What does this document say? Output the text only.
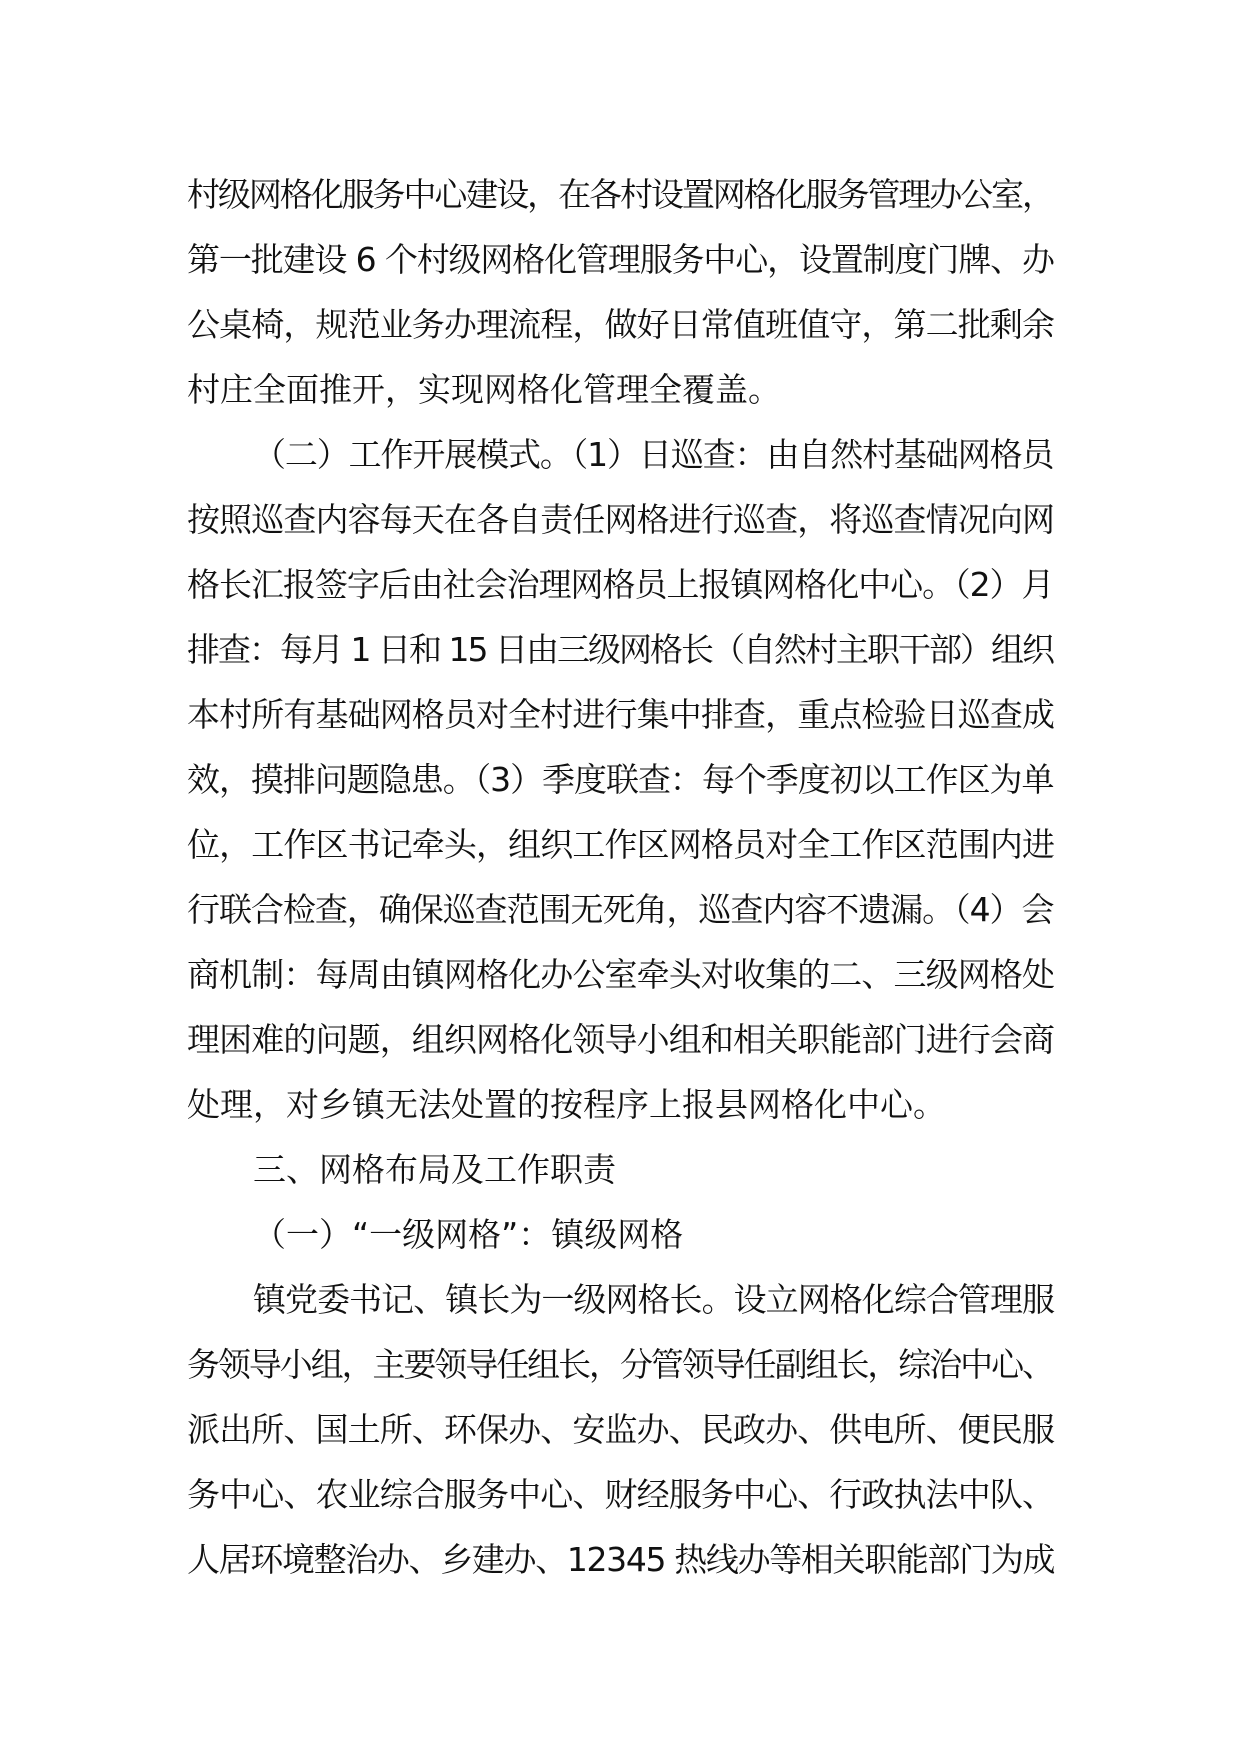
村级网格化服务中心建设，在各村设置网格化服务管理办公室，
第一批建设 6 个村级网格化管理服务中心，设置制度门牌、办
公桌椅，规范业务办理流程，做好日常值班值守，第二批剩余
村庄全面推开，实现网格化管理全覆盖。
（二）工作开展模式。（1）日巡查：由自然村基础网格员
按照巡查内容每天在各自责任网格进行巡查，将巡查情况向网
格长汇报签字后由社会治理网格员上报镇网格化中心。（2）月
排查：每月 1 日和 15 日由三级网格长（自然村主职干部）组织
本村所有基础网格员对全村进行集中排查，重点检验日巡查成
效，摸排问题隐患。（3）季度联查：每个季度初以工作区为单
位，工作区书记牵头，组织工作区网格员对全工作区范围内进
行联合检查，确保巡查范围无死角，巡查内容不遗漏。（4）会
商机制：每周由镇网格化办公室牵头对收集的二、三级网格处
理困难的问题，组织网格化领导小组和相关职能部门进行会商
处理，对乡镇无法处置的按程序上报县网格化中心。
三、网格布局及工作职责
（一）“一级网格”：镇级网格
镇党委书记、镇长为一级网格长。设立网格化综合管理服
务领导小组，主要领导任组长，分管领导任副组长，综治中心、
派出所、国土所、环保办、安监办、民政办、供电所、便民服
务中心、农业综合服务中心、财经服务中心、行政执法中队、
人居环境整治办、乡建办、12345 热线办等相关职能部门为成
